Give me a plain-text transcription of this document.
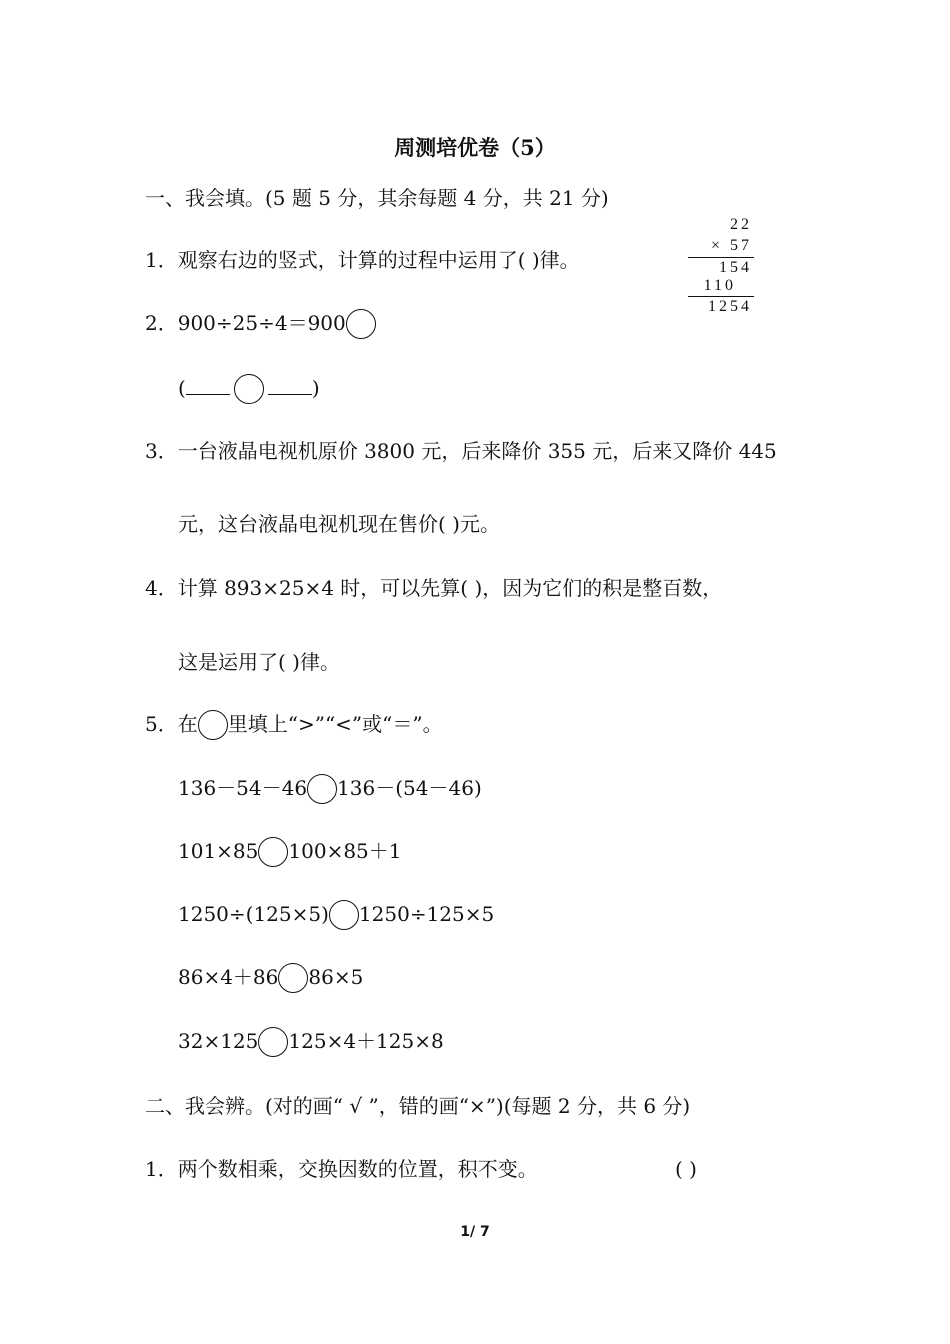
周测培优卷（5）
一、我会填。(5 题 5 分，其余每题 4 分，共 21 分)
1．观察右边的竖式，计算的过程中运用了( )律。
22
× 57
154
110
1254
2．900÷25÷4＝900
(	)
3．一台液晶电视机原价 3800 元，后来降价 355 元，后来又降价 445
元，这台液晶电视机现在售价( )元。
4．计算 893×25×4 时，可以先算( )，因为它们的积是整百数，
这是运用了( )律。
5．在 里填上“>”“<”或“＝”。
136－54－46 136－(54－46)
101×85 100×85＋1
1250÷(125×5) 1250÷125×5
86×4＋86 86×5
32×125 125×4＋125×8
二、我会辨。(对的画“ √ ”，错的画“×”)(每题 2 分，共 6 分)
1．两个数相乘，交换因数的位置，积不变。	( )
1/ 7
